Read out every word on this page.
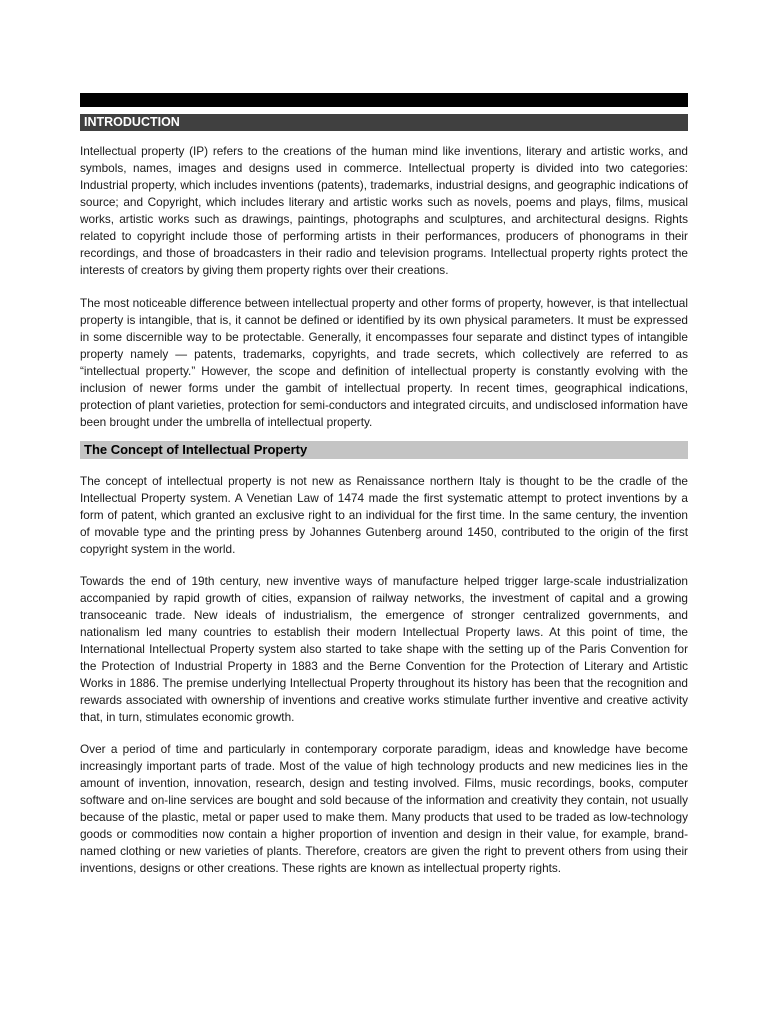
INTRODUCTION

Intellectual property (IP) refers to the creations of the human mind like inventions, literary and artistic works, and symbols, names, images and designs used in commerce. Intellectual property is divided into two categories: Industrial property, which includes inventions (patents), trademarks, industrial designs, and geographic indications of source; and Copyright, which includes literary and artistic works such as novels, poems and plays, films, musical works, artistic works such as drawings, paintings, photographs and sculptures, and architectural designs. Rights related to copyright include those of performing artists in their performances, producers of phonograms in their recordings, and those of broadcasters in their radio and television programs. Intellectual property rights protect the interests of creators by giving them property rights over their creations.

The most noticeable difference between intellectual property and other forms of property, however, is that intellectual property is intangible, that is, it cannot be defined or identified by its own physical parameters. It must be expressed in some discernible way to be protectable. Generally, it encompasses four separate and distinct types of intangible property namely — patents, trademarks, copyrights, and trade secrets, which collectively are referred to as “intellectual property.” However, the scope and definition of intellectual property is constantly evolving with the inclusion of newer forms under the gambit of intellectual property. In recent times, geographical indications, protection of plant varieties, protection for semi-conductors and integrated circuits, and undisclosed information have been brought under the umbrella of intellectual property.

The Concept of Intellectual Property

The concept of intellectual property is not new as Renaissance northern Italy is thought to be the cradle of the Intellectual Property system. A Venetian Law of 1474 made the first systematic attempt to protect inventions by a form of patent, which granted an exclusive right to an individual for the first time. In the same century, the invention of movable type and the printing press by Johannes Gutenberg around 1450, contributed to the origin of the first copyright system in the world.

Towards the end of 19th century, new inventive ways of manufacture helped trigger large-scale industrialization accompanied by rapid growth of cities, expansion of railway networks, the investment of capital and a growing transoceanic trade. New ideals of industrialism, the emergence of stronger centralized governments, and nationalism led many countries to establish their modern Intellectual Property laws. At this point of time, the International Intellectual Property system also started to take shape with the setting up of the Paris Convention for the Protection of Industrial Property in 1883 and the Berne Convention for the Protection of Literary and Artistic Works in 1886. The premise underlying Intellectual Property throughout its history has been that the recognition and rewards associated with ownership of inventions and creative works stimulate further inventive and creative activity that, in turn, stimulates economic growth.

Over a period of time and particularly in contemporary corporate paradigm, ideas and knowledge have become increasingly important parts of trade. Most of the value of high technology products and new medicines lies in the amount of invention, innovation, research, design and testing involved. Films, music recordings, books, computer software and on-line services are bought and sold because of the information and creativity they contain, not usually because of the plastic, metal or paper used to make them. Many products that used to be traded as low-technology goods or commodities now contain a higher proportion of invention and design in their value, for example, brand-named clothing or new varieties of plants. Therefore, creators are given the right to prevent others from using their inventions, designs or other creations. These rights are known as intellectual property rights.
